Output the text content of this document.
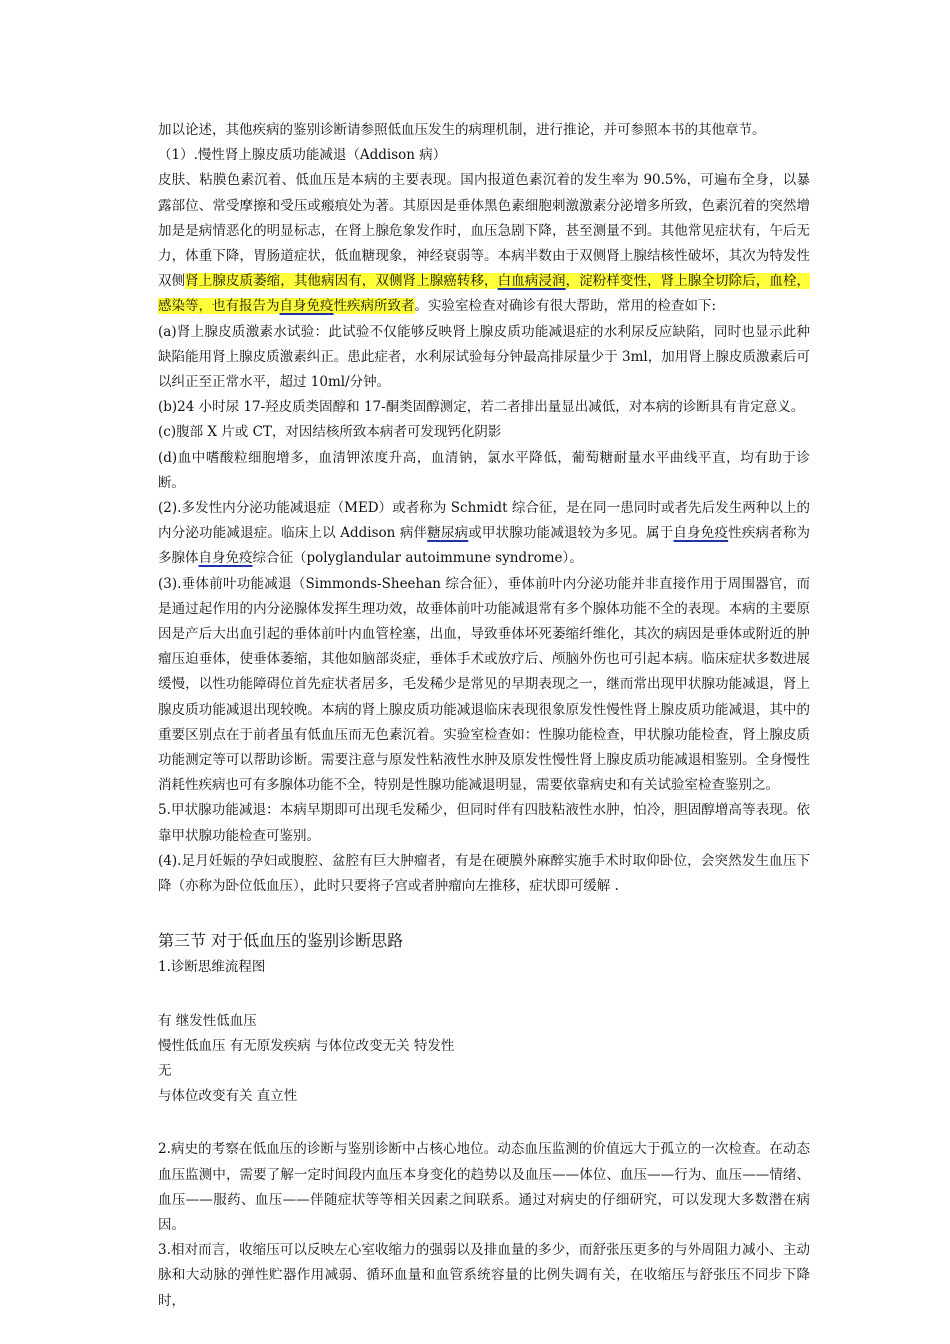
加以论述，其他疾病的鉴别诊断请参照低血压发生的病理机制，进行推论，并可参照本书的其他章节。

（1）.慢性肾上腺皮质功能减退（Addison 病）

皮肤、粘膜色素沉着、低血压是本病的主要表现。国内报道色素沉着的发生率为 90.5%，可遍布全身，以暴露部位、常受摩擦和受压或瘢痕处为著。其原因是垂体黑色素细胞刺激激素分泌增多所致，色素沉着的突然增加是是病情恶化的明显标志，在肾上腺危象发作时，血压急剧下降，甚至测量不到。其他常见症状有，午后无力，体重下降，胃肠道症状，低血糖现象，神经衰弱等。本病半数由于双侧肾上腺结核性破坏，其次为特发性双侧肾上腺皮质萎缩，其他病因有，双侧肾上腺癌转移，白血病浸润，淀粉样变性，肾上腺全切除后，血栓，感染等，也有报告为自身免疫性疾病所致者。实验室检查对确诊有很大帮助，常用的检查如下:

(a)肾上腺皮质激素水试验：此试验不仅能够反映肾上腺皮质功能减退症的水利尿反应缺陷，同时也显示此种缺陷能用肾上腺皮质激素纠正。患此症者，水利尿试验每分钟最高排尿量少于 3ml，加用肾上腺皮质激素后可以纠正至正常水平，超过 10ml/分钟。

(b)24 小时尿 17-羟皮质类固醇和 17-酮类固醇测定，若二者排出量显出减低，对本病的诊断具有肯定意义。

(c)腹部 X 片或 CT，对因结核所致本病者可发现钙化阴影

(d)血中嗜酸粒细胞增多，血清钾浓度升高，血清钠，氯水平降低，葡萄糖耐量水平曲线平直，均有助于诊断。

(2).多发性内分泌功能减退症（MED）或者称为 Schmidt 综合征，是在同一患同时或者先后发生两种以上的内分泌功能减退症。临床上以 Addison 病伴糖尿病或甲状腺功能减退较为多见。属于自身免疫性疾病者称为多腺体自身免疫综合征（polyglandular autoimmune syndrome）。

(3).垂体前叶功能减退（Simmonds-Sheehan 综合征），垂体前叶内分泌功能并非直接作用于周围器官，而是通过起作用的内分泌腺体发挥生理功效，故垂体前叶功能减退常有多个腺体功能不全的表现。本病的主要原因是产后大出血引起的垂体前叶内血管栓塞，出血，导致垂体坏死萎缩纤维化，其次的病因是垂体或附近的肿瘤压迫垂体，使垂体萎缩，其他如脑部炎症，垂体手术或放疗后、颅脑外伤也可引起本病。临床症状多数进展缓慢，以性功能障碍位首先症状者居多，毛发稀少是常见的早期表现之一，继而常出现甲状腺功能减退，肾上腺皮质功能减退出现较晚。本病的肾上腺皮质功能减退临床表现很象原发性慢性肾上腺皮质功能减退，其中的重要区别点在于前者虽有低血压而无色素沉着。实验室检查如：性腺功能检查，甲状腺功能检查，肾上腺皮质功能测定等可以帮助诊断。需要注意与原发性粘液性水肿及原发性慢性肾上腺皮质功能减退相鉴别。全身慢性消耗性疾病也可有多腺体功能不全，特别是性腺功能减退明显，需要依靠病史和有关试验室检查鉴别之。

5.甲状腺功能减退：本病早期即可出现毛发稀少，但同时伴有四肢粘液性水肿，怕冷，胆固醇增高等表现。依靠甲状腺功能检查可鉴别。

(4).足月妊娠的孕妇或腹腔、盆腔有巨大肿瘤者，有是在硬膜外麻醉实施手术时取仰卧位，会突然发生血压下降（亦称为卧位低血压），此时只要将子宫或者肿瘤向左推移，症状即可缓解 .

第三节 对于低血压的鉴别诊断思路

1.诊断思维流程图

有 继发性低血压

慢性低血压 有无原发疾病 与体位改变无关 特发性

无

与体位改变有关 直立性

2.病史的考察在低血压的诊断与鉴别诊断中占核心地位。动态血压监测的价值远大于孤立的一次检查。在动态血压监测中，需要了解一定时间段内血压本身变化的趋势以及血压——体位、血压——行为、血压——情绪、血压——服药、血压——伴随症状等等相关因素之间联系。通过对病史的仔细研究，可以发现大多数潜在病因。

3.相对而言，收缩压可以反映左心室收缩力的强弱以及排血量的多少，而舒张压更多的与外周阻力减小、主动脉和大动脉的弹性贮器作用减弱、循环血量和血管系统容量的比例失调有关，在收缩压与舒张压不同步下降时，
